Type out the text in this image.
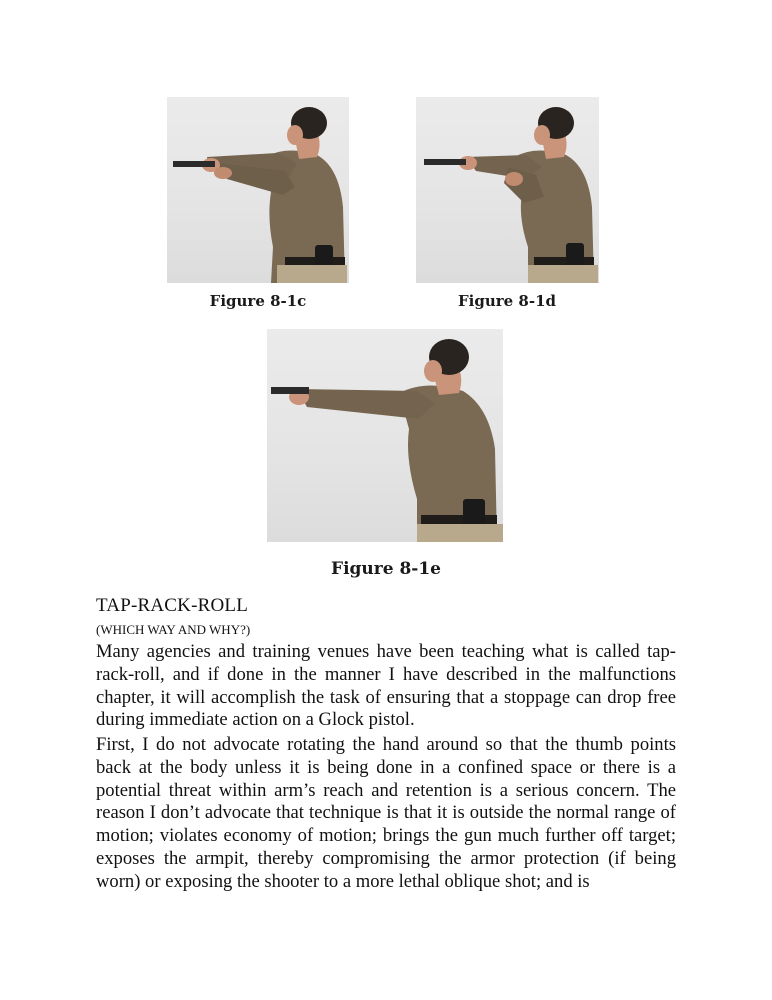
Figure 8-1c	Figure 8-1d
Figure 8-1e
TAP-RACK-ROLL
(WHICH WAY AND WHY?)

Many agencies and training venues have been teaching what is called tap-rack-roll, and if done in the manner I have described in the malfunctions chapter, it will accomplish the task of ensuring that a stoppage can drop free during immediate action on a Glock pistol.

First, I do not advocate rotating the hand around so that the thumb points back at the body unless it is being done in a confined space or there is a potential threat within arm’s reach and retention is a serious concern. The reason I don’t advocate that technique is that it is outside the normal range of motion; violates economy of motion; brings the gun much further off target; exposes the armpit, thereby compromising the armor protection (if being worn) or exposing the shooter to a more lethal oblique shot; and is
